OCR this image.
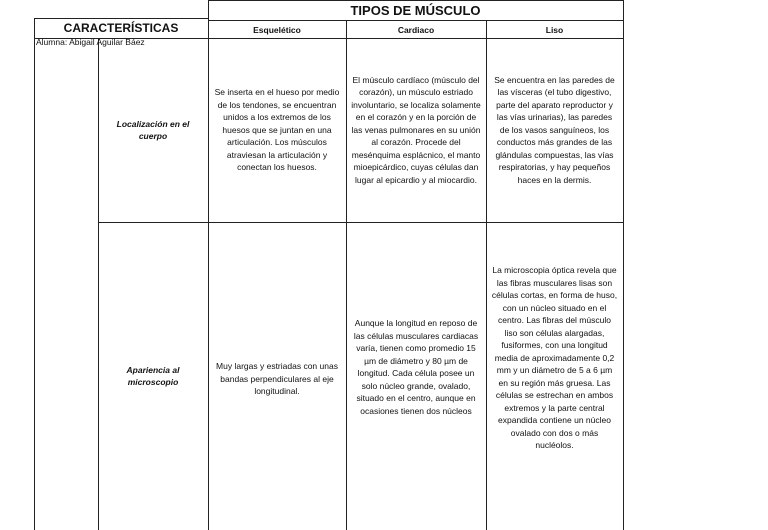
TIPOS DE MÚSCULO
CARACTERÍSTICAS
Alumna: Abigail Aguilar Báez
Esquelético	Cardiaco	Liso
Localización en el cuerpo
Se inserta en el hueso por medio de los tendones, se encuentran unidos a los extremos de los huesos que se juntan en una articulación. Los músculos atraviesan la articulación y conectan los huesos.
El músculo cardíaco (músculo del corazón), un músculo estriado involuntario, se localiza solamente en el corazón y en la porción de las venas pulmonares en su unión al corazón. Procede del mesénquima esplácnico, el manto mioepicárdico, cuyas células dan lugar al epicardio y al miocardio.
Se encuentra en las paredes de las vísceras (el tubo digestivo, parte del aparato reproductor y las vías urinarias), las paredes de los vasos sanguíneos, los conductos más grandes de las glándulas compuestas, las vías respiratorias, y hay pequeños haces en la dermis.
Apariencia al microscopio
Muy largas y estriadas con unas bandas perpendiculares al eje longitudinal.
Aunque la longitud en reposo de las células musculares cardiacas varía, tienen como promedio 15 µm de diámetro y 80 µm de longitud. Cada célula posee un solo núcleo grande, ovalado, situado en el centro, aunque en ocasiones tienen dos núcleos
La microscopia óptica revela que las fibras musculares lisas son células cortas, en forma de huso, con un núcleo situado en el centro. Las fibras del músculo liso son células alargadas, fusiformes, con una longitud media de aproximadamente 0,2 mm y un diámetro de 5 a 6 µm en su región más gruesa. Las células se estrechan en ambos extremos y la parte central expandida contiene un núcleo ovalado con dos o más nucléolos.
